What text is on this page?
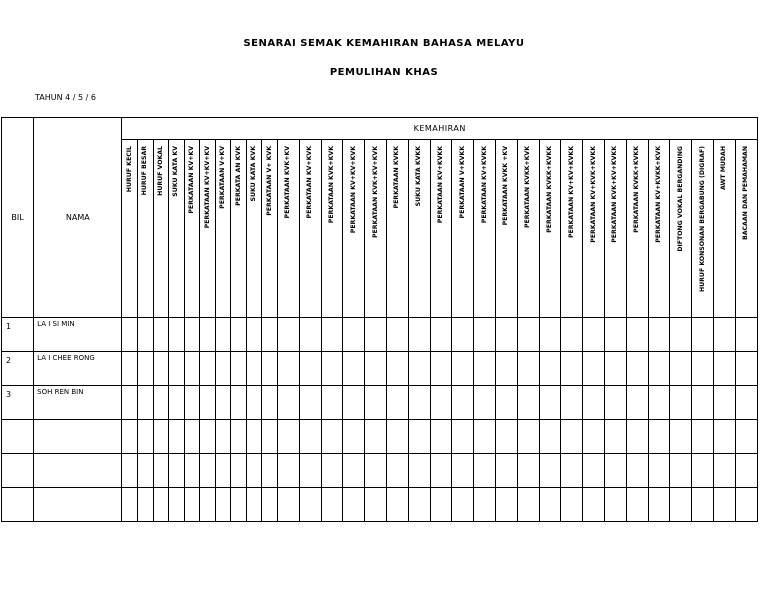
SENARAI SEMAK KEMAHIRAN BAHASA MELAYU
PEMULIHAN KHAS
TAHUN 4 / 5 / 6
BIL	NAMA	KEMAHIRAN																															

		HURUF KECIL	HURUF BESAR	HURUF VOKAL	SUKU KATA KV	PERKATAAN KV+KV	PERKATAAN KV+KV+KV	PERKATAAN V+KV	PERKATA AN KVK	SUKU KATA KVK	PERKATAAN V+ KVK	PERKATAAN KVK+KV	PERKATAAN KV+KVK	PERKATAAN KVK+KVK	PERKATAAN KV+KV+KVK	PERKATAAN KVK+KV+KVK	PERKATAAN KVKK	SUKU KATA KVKK	PERKATAAN KV+KVKK	PERKATAAN V+KVKK	PERKATAAN KV+KVKK	PERKATAAN KVKK +KV	PERKATAAN KVKK+KVK	PERKATAAN KVKK+KVKK	PERKATAAN KV+KV+KVKK	PERKATAAN KV+KVK+KVKK	PERKATAAN KVK+KV+KVKK	PERKATAAN KVKK+KVKK	PERKATAAN KV+KVKK+KVK	DIFTONG VOKAL BERGANDING	HURUF KONSONAN BERGABUNG (DIGRAF)	AWT MUDAH	BACAAN DAN PEMAHAMAN

1	LA I SI MIN																																
2	LA I CHEE RONG																																
3	SOH REN BIN																																
